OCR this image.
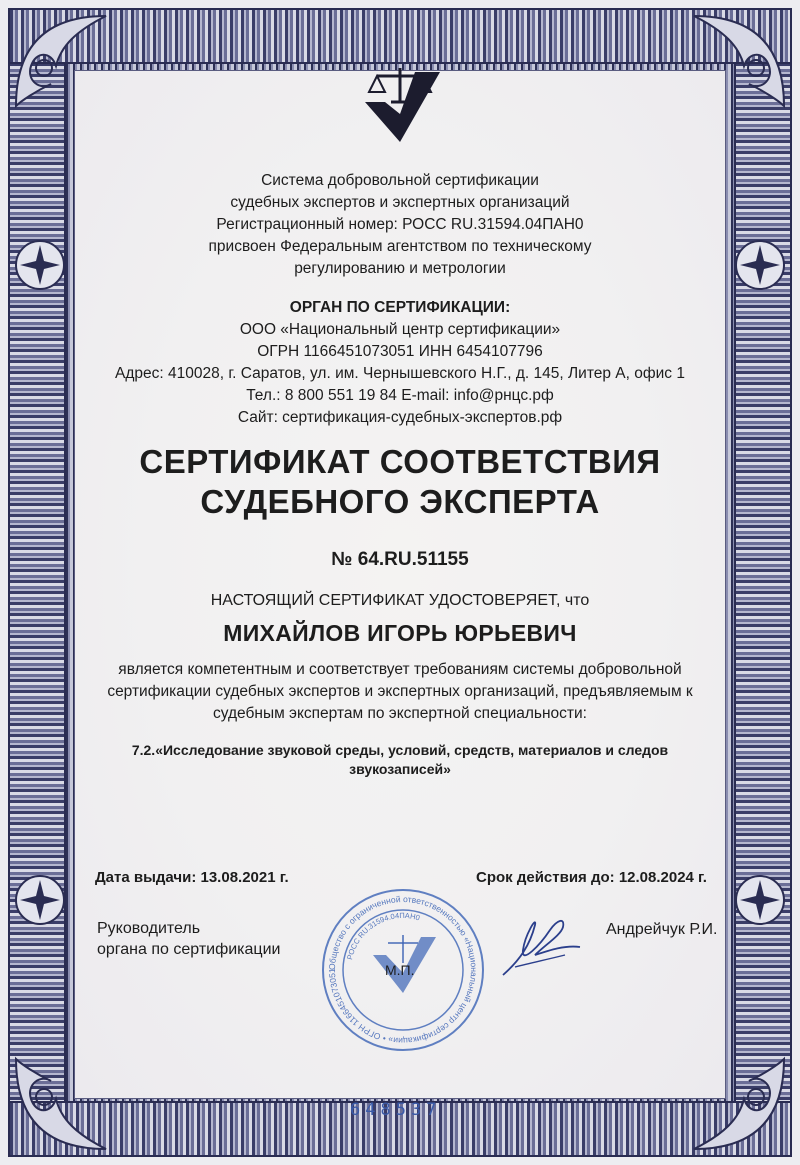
Система добровольной сертификации

судебных экспертов и экспертных организаций

Регистрационный номер: РОСС RU.31594.04ПАН0

присвоен Федеральным агентством по техническому

регулированию и метрологии

ОРГАН ПО СЕРТИФИКАЦИИ:

ООО «Национальный центр сертификации»

ОГРН 1166451073051 ИНН 6454107796

Адрес: 410028, г. Саратов, ул. им. Чернышевского Н.Г., д. 145, Литер А, офис 1

Тел.: 8 800 551 19 84 E-mail: info@рнцс.рф

Сайт: сертификация-судебных-экспертов.рф

СЕРТИФИКАТ СООТВЕТСТВИЯ

СУДЕБНОГО ЭКСПЕРТА

№ 64.RU.51155

НАСТОЯЩИЙ СЕРТИФИКАТ УДОСТОВЕРЯЕТ, что

МИХАЙЛОВ ИГОРЬ ЮРЬЕВИЧ

является компетентным и соответствует требованиям системы добровольной

сертификации судебных экспертов и экспертных организаций, предъявляемым к

судебным экспертам по экспертной специальности:

7.2.«Исследование звуковой среды, условий, средств, материалов и следов

звукозаписей»

Дата выдачи: 13.08.2021 г.	Срок действия до: 12.08.2024 г.

Руководитель

органа по сертификации

Андрейчук Р.И.

Общество с ограниченной ответственностью «Национальный центр сертификации» • ОГРН 1166451073051
РОСС RU.31594.04ПАН0

М.П.

648537
